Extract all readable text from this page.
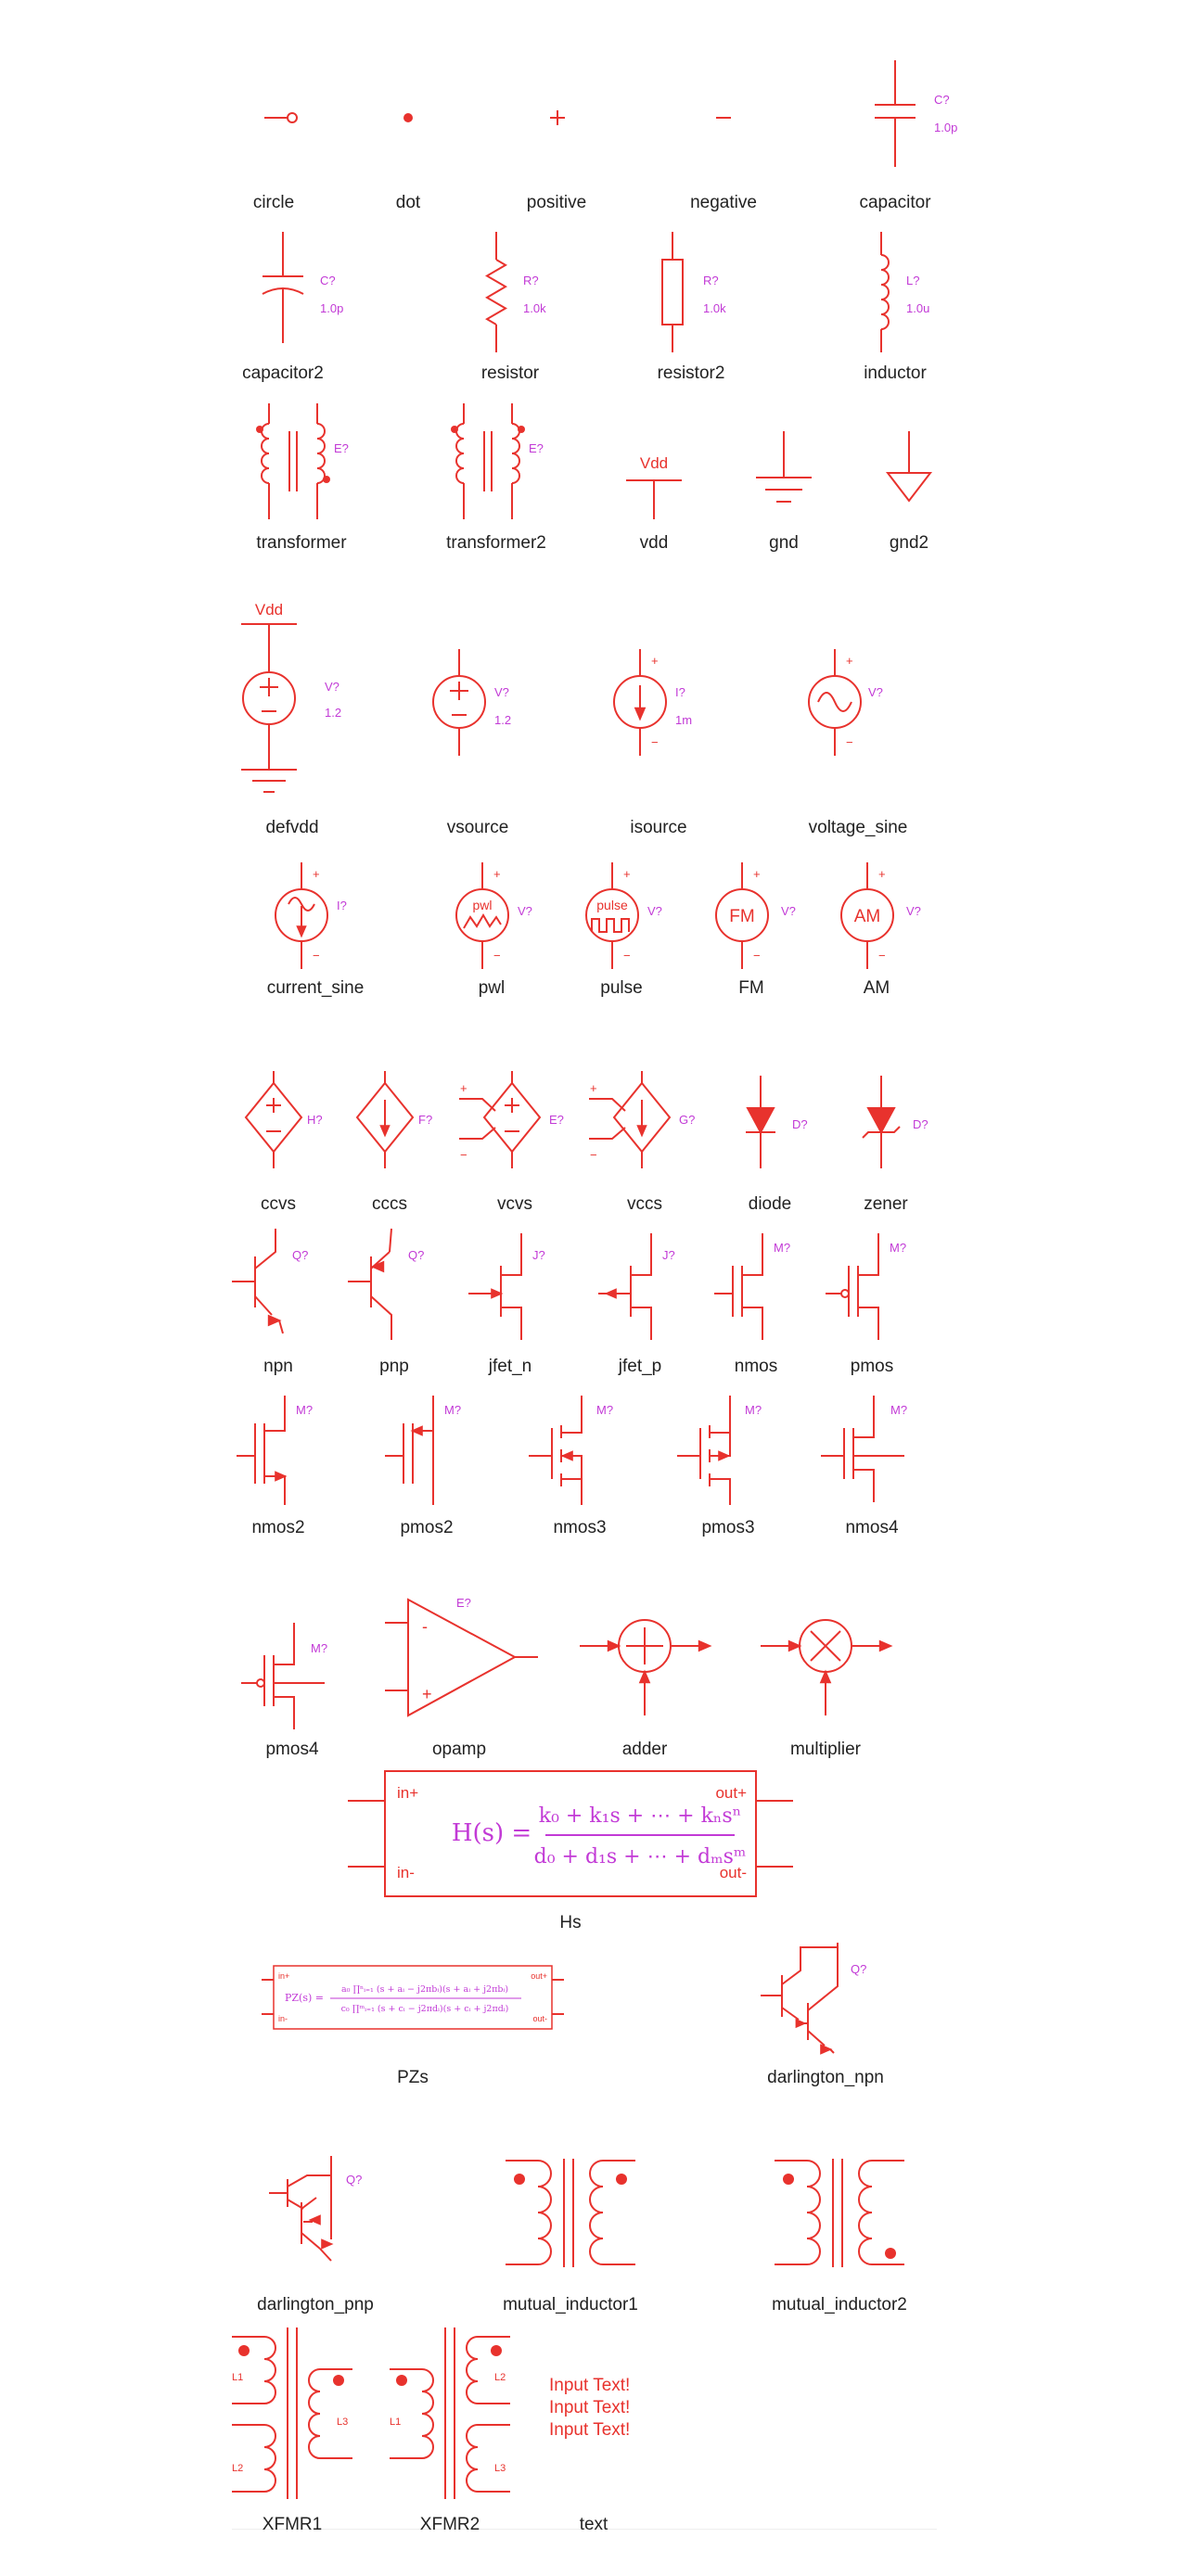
circle	dot	positive	negative
C?
1.0p
capacitor
C?
1.0p
capacitor2
R?
1.0k
resistor
R?
1.0k
resistor2
L?
1.0u
inductor
E?
transformer
E?
transformer2
Vdd
vdd	gnd	gnd2
Vdd
V?
1.2
defvdd
V?
1.2
vsource
+
−
I?
1m
isource
+
−
V?
voltage_sine
+
−
I?
current_sine
pwl
+
−
V?
pwl
pulse
+
−
V?
pulse
FM
+
−
V?
FM
AM
+
−
V?
AM
H?
ccvs
F?
cccs
+
−
E?
vcvs
+
−
G?
vccs
D?
diode
D?
zener
Q?
npn
Q?
pnp
J?
jfet_n
J?
jfet_p
M?
nmos
M?
pmos
M?
nmos2
M?
pmos2
M?
nmos3
M?
pmos3
M?
nmos4
M?
pmos4
-
+
E?
opamp	adder	multiplier
in+
in-
out+
out-
H(s) =
k₀ + k₁s + ⋯ + kₙsⁿ
d₀ + d₁s + ⋯ + dₘsᵐ
Hs
in+
in-
out+
out-
PZ(s) =
a₀ ∏ⁿᵢ₌₁ (s + aᵢ − j2πbᵢ)(s + aᵢ + j2πbᵢ)
c₀ ∏ᵐᵢ₌₁ (s + cᵢ − j2πdᵢ)(s + cᵢ + j2πdᵢ)
PZs
Q?
darlington_npn
Q?
darlington_pnp	mutual_inductor1	mutual_inductor2
L1
L2
L3
XFMR1
L1
L2
L3
XFMR2
Input Text!
Input Text!
Input Text!
text
